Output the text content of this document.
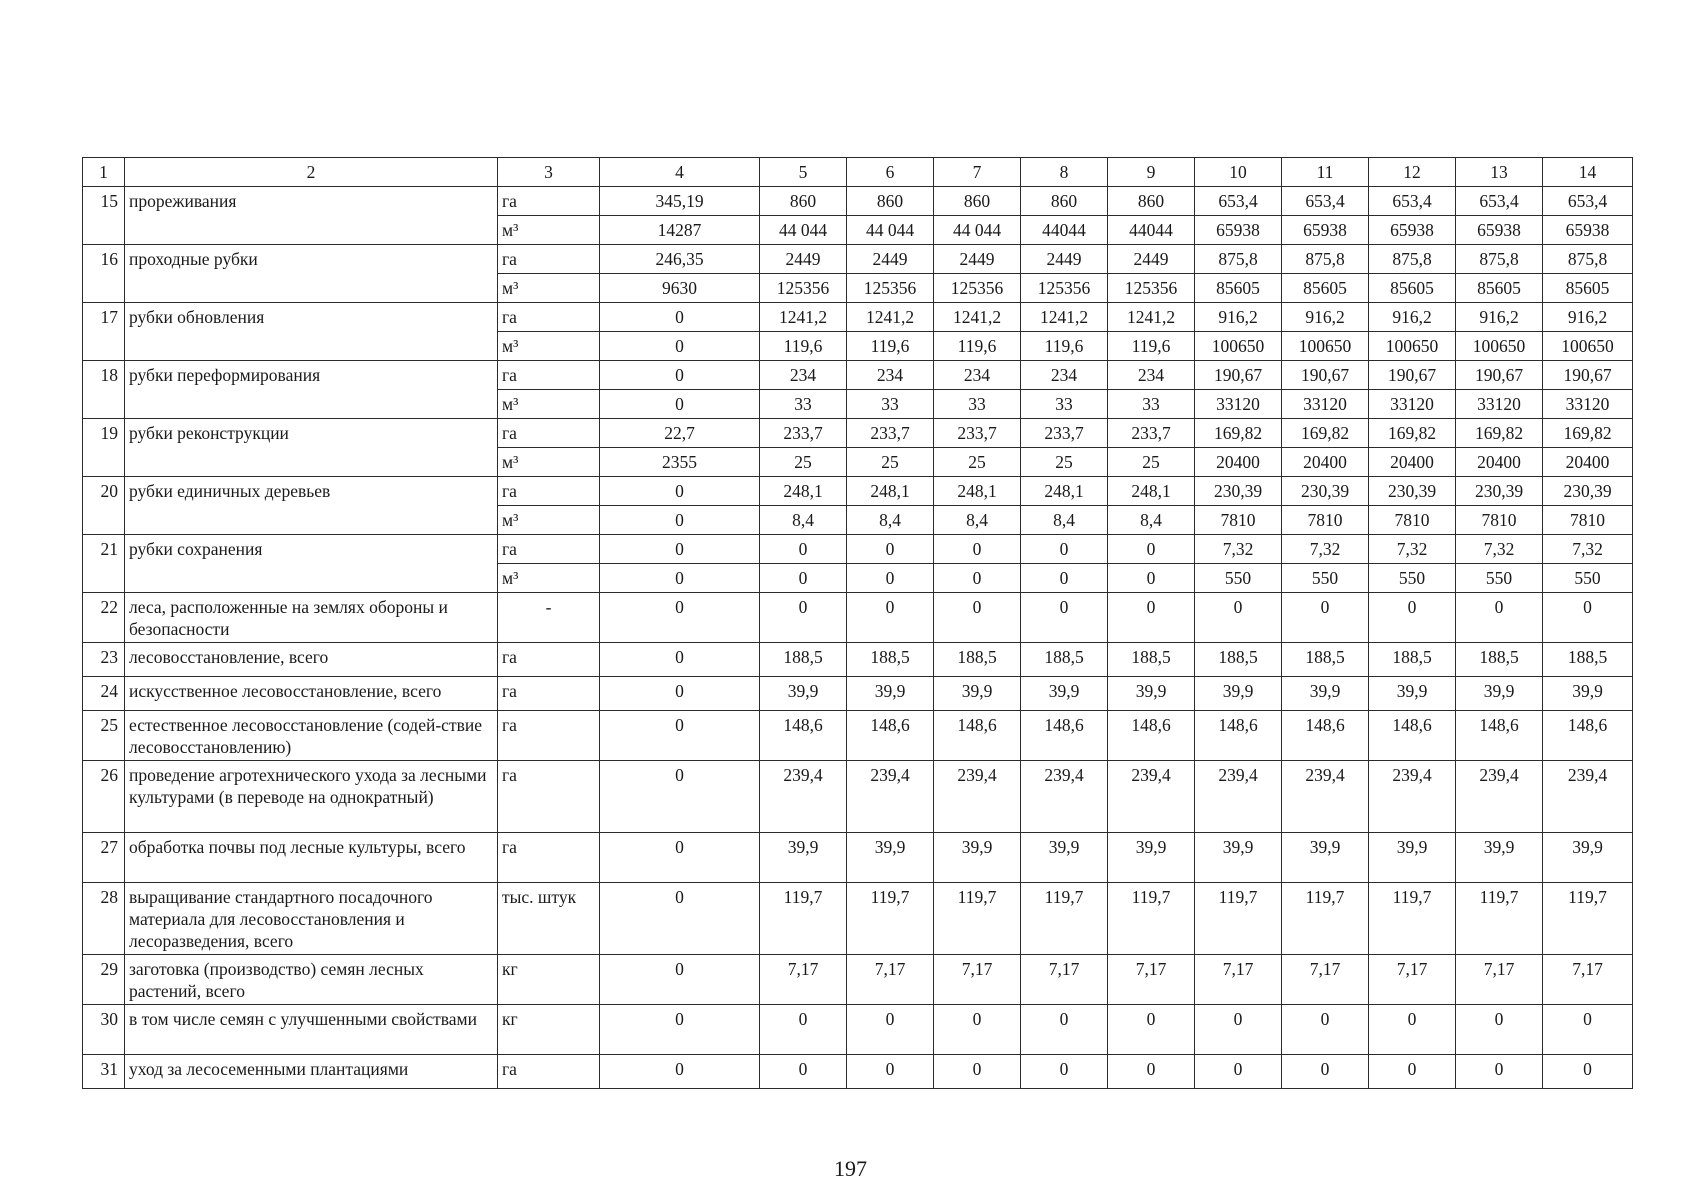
1	2	3	4	5	6	7	8	9	10	11	12	13	14
15	прореживания	га	345,19	860	860	860	860	860	653,4	653,4	653,4	653,4	653,4
		м³	14287	44 044	44 044	44 044	44044	44044	65938	65938	65938	65938	65938
16	проходные рубки	га	246,35	2449	2449	2449	2449	2449	875,8	875,8	875,8	875,8	875,8
		м³	9630	125356	125356	125356	125356	125356	85605	85605	85605	85605	85605
17	рубки обновления	га	0	1241,2	1241,2	1241,2	1241,2	1241,2	916,2	916,2	916,2	916,2	916,2
		м³	0	119,6	119,6	119,6	119,6	119,6	100650	100650	100650	100650	100650
18	рубки переформирования	га	0	234	234	234	234	234	190,67	190,67	190,67	190,67	190,67
		м³	0	33	33	33	33	33	33120	33120	33120	33120	33120
19	рубки реконструкции	га	22,7	233,7	233,7	233,7	233,7	233,7	169,82	169,82	169,82	169,82	169,82
		м³	2355	25	25	25	25	25	20400	20400	20400	20400	20400
20	рубки единичных деревьев	га	0	248,1	248,1	248,1	248,1	248,1	230,39	230,39	230,39	230,39	230,39
		м³	0	8,4	8,4	8,4	8,4	8,4	7810	7810	7810	7810	7810
21	рубки сохранения	га	0	0	0	0	0	0	7,32	7,32	7,32	7,32	7,32
		м³	0	0	0	0	0	0	550	550	550	550	550
22	леса, расположенные на землях обороны и безопасности	-	0	0	0	0	0	0	0	0	0	0	0
23	лесовосстановление, всего	га	0	188,5	188,5	188,5	188,5	188,5	188,5	188,5	188,5	188,5	188,5
24	искусственное лесовосстановление, всего	га	0	39,9	39,9	39,9	39,9	39,9	39,9	39,9	39,9	39,9	39,9
25	естественное лесовосстановление (содей-ствие лесовосстановлению)	га	0	148,6	148,6	148,6	148,6	148,6	148,6	148,6	148,6	148,6	148,6
26	проведение агротехнического ухода за лесными культурами (в переводе на однократный)	га	0	239,4	239,4	239,4	239,4	239,4	239,4	239,4	239,4	239,4	239,4
27	обработка почвы под лесные культуры, всего	га	0	39,9	39,9	39,9	39,9	39,9	39,9	39,9	39,9	39,9	39,9
28	выращивание стандартного посадочного материала для лесовосстановления и лесоразведения, всего	тыс. штук	0	119,7	119,7	119,7	119,7	119,7	119,7	119,7	119,7	119,7	119,7
29	заготовка (производство) семян лесных растений, всего	кг	0	7,17	7,17	7,17	7,17	7,17	7,17	7,17	7,17	7,17	7,17
30	в том числе семян с улучшенными свойствами	кг	0	0	0	0	0	0	0	0	0	0	0
31	уход за лесосеменными плантациями	га	0	0	0	0	0	0	0	0	0	0	0
197
